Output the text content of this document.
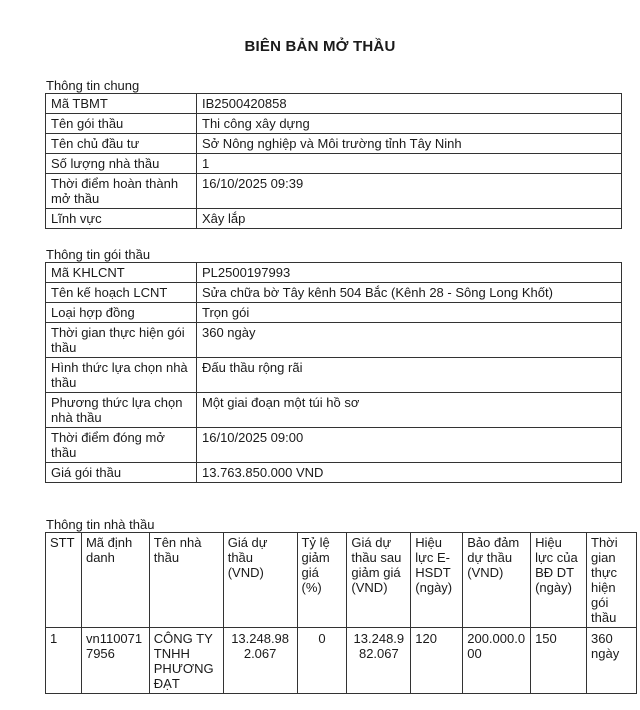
BIÊN BẢN MỞ THẦU
Thông tin chung
Mã TBMT	IB2500420858
Tên gói thầu	Thi công xây dựng
Tên chủ đầu tư	Sở Nông nghiệp và Môi trường tỉnh Tây Ninh
Số lượng nhà thầu	1
Thời điểm hoàn thành mở thầu	16/10/2025 09:39
Lĩnh vực	Xây lắp
Thông tin gói thầu
Mã KHLCNT	PL2500197993
Tên kế hoạch LCNT	Sửa chữa bờ Tây kênh 504 Bắc (Kênh 28 - Sông Long Khốt)
Loại hợp đồng	Trọn gói
Thời gian thực hiện gói thầu	360 ngày
Hình thức lựa chọn nhà thầu	Đấu thầu rộng rãi
Phương thức lựa chọn nhà thầu	Một giai đoạn một túi hồ sơ
Thời điểm đóng mở thầu	16/10/2025 09:00
Giá gói thầu	13.763.850.000 VND
Thông tin nhà thầu
STT	Mã định danh	Tên nhà thầu	Giá dự thầu (VND)	Tỷ lệ giảm giá (%)	Giá dự thầu sau giảm giá (VND)	Hiệu lực E-HSDT (ngày)	Bảo đảm dự thầu (VND)	Hiệu lực của BĐ DT (ngày)	Thời gian thực hiện gói thầu
1	vn1100717956	CÔNG TY TNHH PHƯƠNG ĐẠT	13.248.982.067	0	13.248.982.067	120	200.000.000	150	360 ngày
